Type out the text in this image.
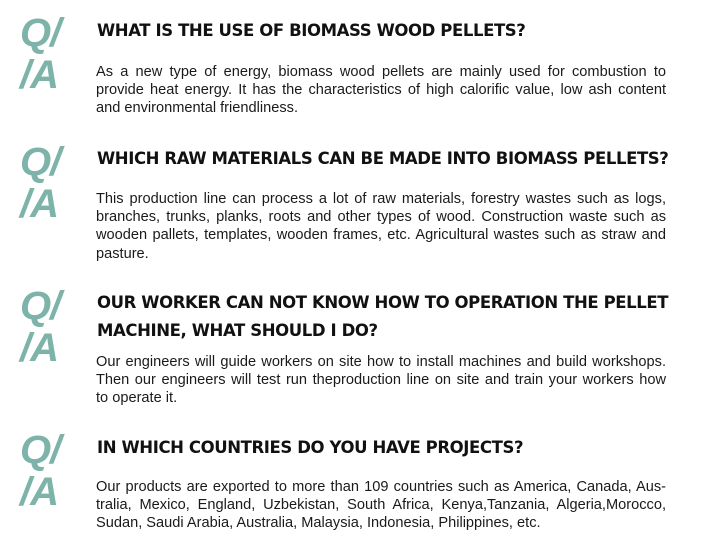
Q/
/A
WHAT IS THE USE OF BIOMASS WOOD PELLETS?

As a new type of energy, biomass wood pellets are mainly used for combustion to
provide heat energy. It has the characteristics of high calorific value, low ash content
and environmental friendliness.

Q/
/A
WHICH RAW MATERIALS CAN BE MADE INTO BIOMASS PELLETS?

This production line can process a lot of raw materials, forestry wastes such as logs,
branches, trunks, planks, roots and other types of wood. Construction waste such as
wooden pallets, templates, wooden frames, etc. Agricultural wastes such as straw and
pasture.

Q/
/A
OUR WORKER CAN NOT KNOW HOW TO OPERATION THE PELLET
MACHINE, WHAT SHOULD I DO?

Our engineers will guide workers on site how to install machines and build workshops.
Then our engineers will test run theproduction line on site and train your workers how
to operate it.

Q/
/A
IN WHICH COUNTRIES DO YOU HAVE PROJECTS?

Our products are exported to more than 109 countries such as America, Canada, Aus-
tralia, Mexico, England, Uzbekistan, South Africa, Kenya,Tanzania, Algeria,Morocco,
Sudan, Saudi Arabia, Australia, Malaysia, Indonesia, Philippines, etc.
